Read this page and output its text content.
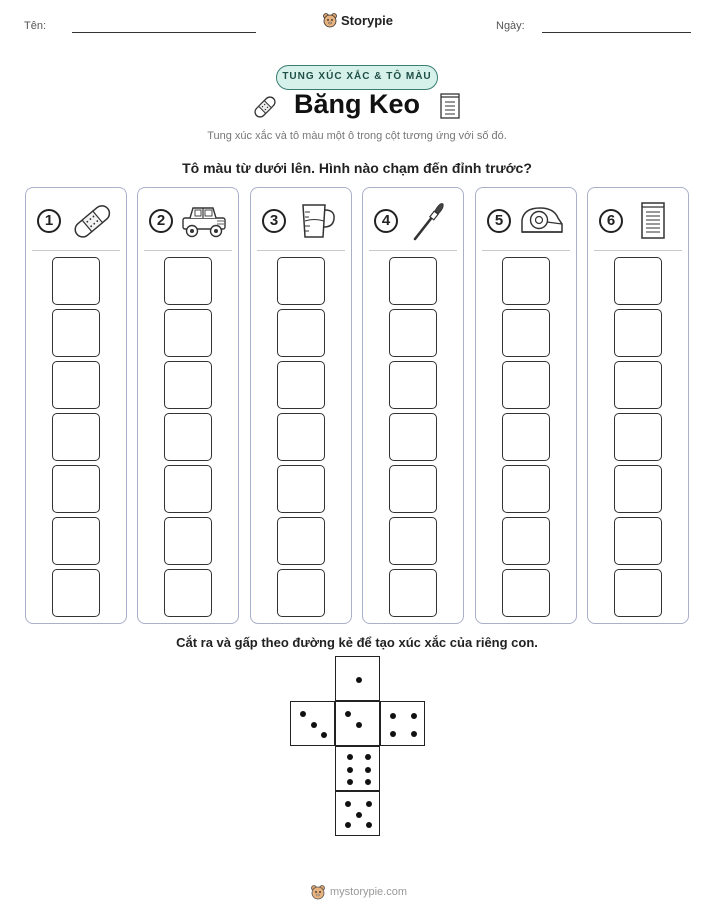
Tên:	Storypie	Ngày:
TUNG XÚC XẮC & TÔ MÀU
Băng Keo
Tung xúc xắc và tô màu một ô trong cột tương ứng với số đó.
Tô màu từ dưới lên. Hình nào chạm đến đỉnh trước?
1	2	3	4	5	6
Cắt ra và gấp theo đường kẻ để tạo xúc xắc của riêng con.
mystorypie.com
